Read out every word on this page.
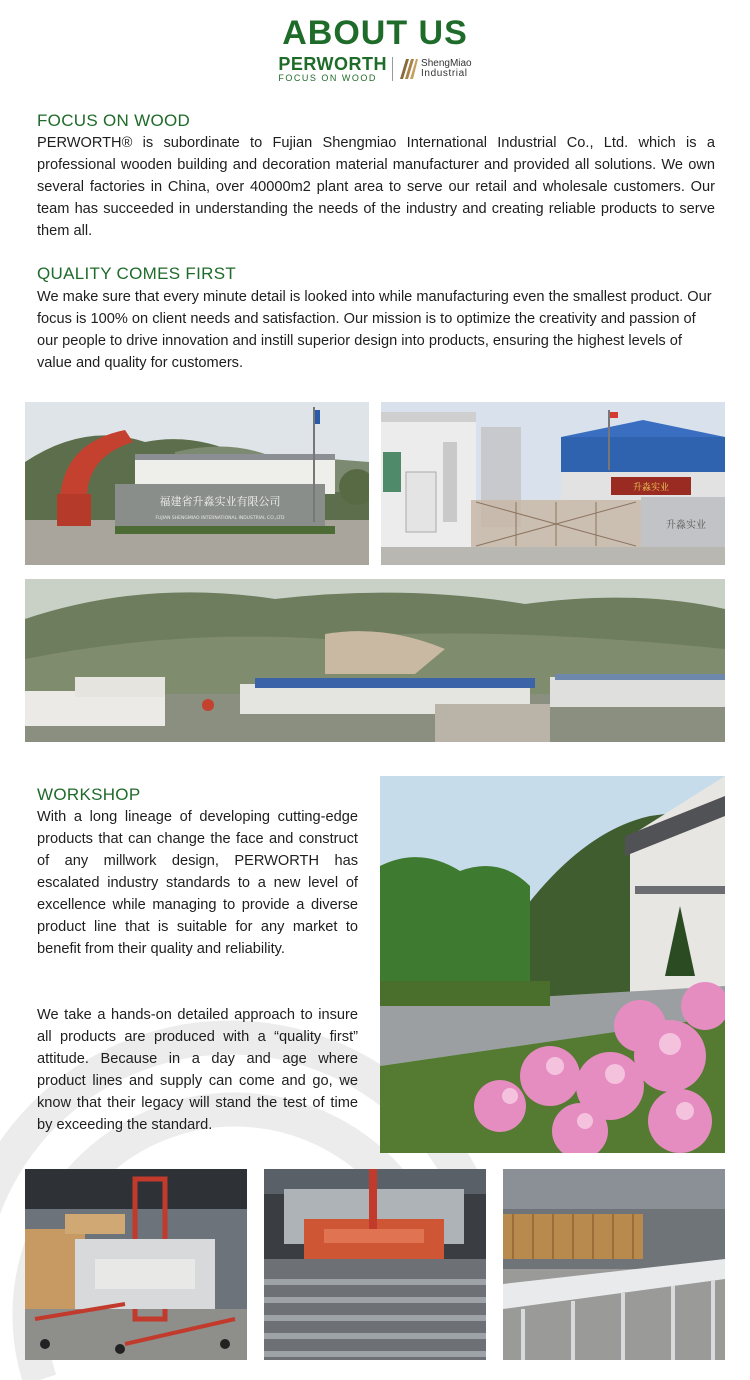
ABOUT US
PERWORTH
FOCUS ON WOOD
ShengMiao
Industrial
FOCUS ON WOOD
PERWORTH® is subordinate to Fujian Shengmiao International Industrial Co., Ltd. which is a professional wooden building and decoration material manufacturer and provided all solutions. We own several factories in China, over 40000m2 plant area to serve our retail and wholesale customers. Our team has succeeded in understanding the needs of the industry and creating reliable products to serve them all.
QUALITY COMES FIRST
We make sure that every minute detail is looked into while manufacturing even the smallest product. Our focus is 100% on client needs and satisfaction. Our mission is to optimize the creativity and passion of our people to drive innovation and instill superior design into products, ensuring the highest levels of value and quality for customers.
福建省升淼实业有限公司
FUJIAN SHENGMIAO INTERNATIONAL INDUSTRIAL CO.,LTD
升淼实业
升淼实业
WORKSHOP
With a long lineage of developing cutting-edge products that can change the face and construct of any millwork design, PERWORTH has escalated industry standards to a new level of excellence while managing to provide a diverse product line that is suitable for any market to benefit from their quality and reliability.
We take a hands-on detailed approach to insure all products are produced with a “quality first” attitude. Because in a day and age where product lines and supply can come and go, we know that their legacy will stand the test of time by exceeding the standard.
